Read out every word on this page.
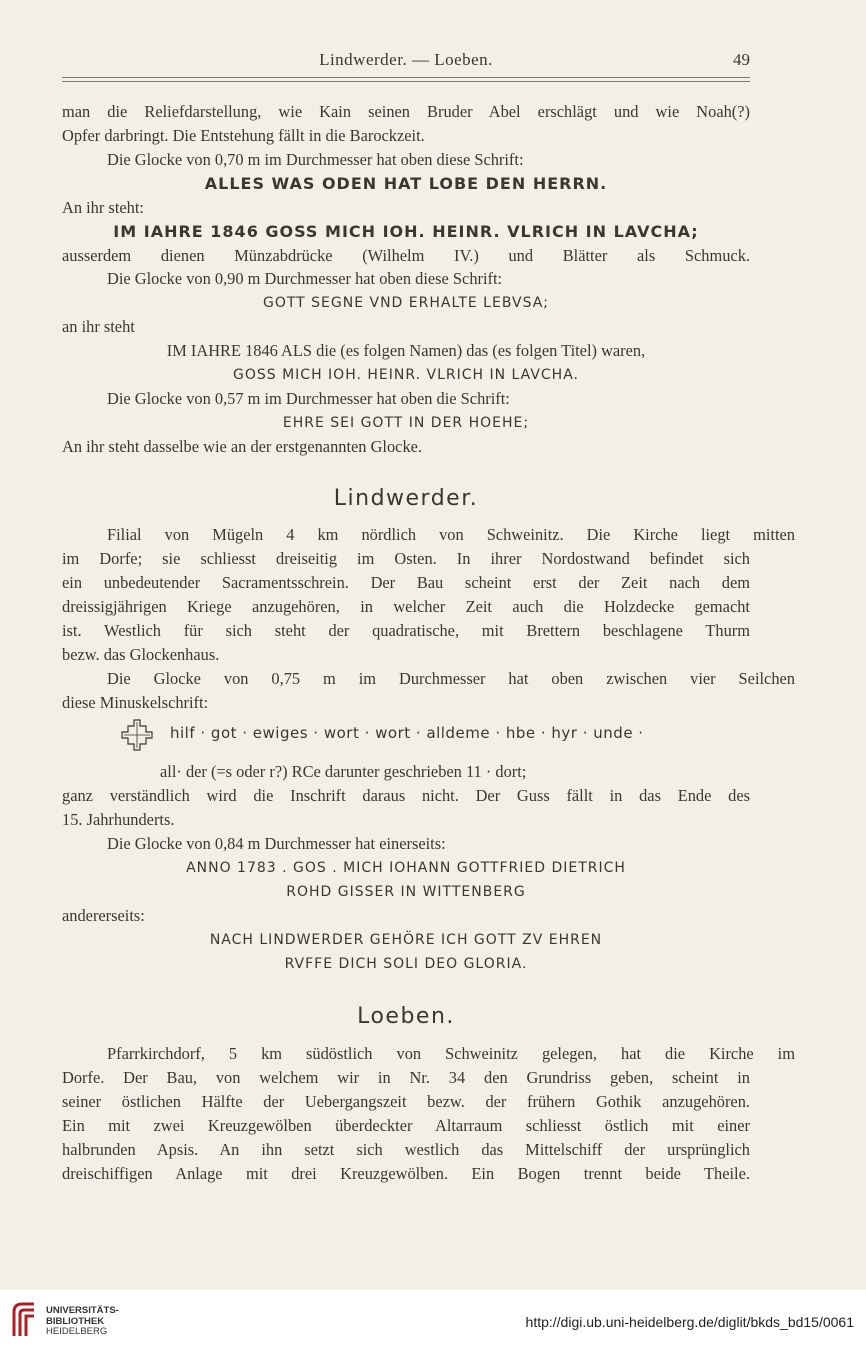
Lindwerder. — Loeben.	49
man die Reliefdarstellung, wie Kain seinen Bruder Abel erschlägt und wie Noah(?)
Opfer darbringt. Die Entstehung fällt in die Barockzeit.
Die Glocke von 0,70 m im Durchmesser hat oben diese Schrift:
ALLES WAS ODEN HAT LOBE DEN HERRN.
An ihr steht:
IM IAHRE 1846 GOSS MICH IOH. HEINR. VLRICH IN LAVCHA;
ausserdem dienen Münzabdrücke (Wilhelm IV.) und Blätter als Schmuck.
Die Glocke von 0,90 m Durchmesser hat oben diese Schrift:
GOTT SEGNE VND ERHALTE LEBVSA;
an ihr steht
IM IAHRE 1846 ALS die (es folgen Namen) das (es folgen Titel) waren,
GOSS MICH IOH. HEINR. VLRICH IN LAVCHA.
Die Glocke von 0,57 m im Durchmesser hat oben die Schrift:
EHRE SEI GOTT IN DER HOEHE;
An ihr steht dasselbe wie an der erstgenannten Glocke.
Lindwerder.
Filial von Mügeln 4 km nördlich von Schweinitz. Die Kirche liegt mitten
im Dorfe; sie schliesst dreiseitig im Osten. In ihrer Nordostwand befindet sich
ein unbedeutender Sacramentsschrein. Der Bau scheint erst der Zeit nach dem
dreissigjährigen Kriege anzugehören, in welcher Zeit auch die Holzdecke gemacht
ist. Westlich für sich steht der quadratische, mit Brettern beschlagene Thurm
bezw. das Glockenhaus.
Die Glocke von 0,75 m im Durchmesser hat oben zwischen vier Seilchen
diese Minuskelschrift:
hilf · got · ewiges · wort · wort · alldeme · hbe · hyr · unde ·
all· der (=s oder r?) RCe darunter geschrieben 11 · dort;
ganz verständlich wird die Inschrift daraus nicht. Der Guss fällt in das Ende des
15. Jahrhunderts.
Die Glocke von 0,84 m Durchmesser hat einerseits:
ANNO 1783 . GOS . MICH IOHANN GOTTFRIED DIETRICH
ROHD GISSER IN WITTENBERG
andererseits:
NACH LINDWERDER GEHÖRE ICH GOTT ZV EHREN
RVFFE DICH SOLI DEO GLORIA.
Loeben.
Pfarrkirchdorf, 5 km südöstlich von Schweinitz gelegen, hat die Kirche im
Dorfe. Der Bau, von welchem wir in Nr. 34 den Grundriss geben, scheint in
seiner östlichen Hälfte der Uebergangszeit bezw. der frühern Gothik anzugehören.
Ein mit zwei Kreuzgewölben überdeckter Altarraum schliesst östlich mit einer
halbrunden Apsis. An ihn setzt sich westlich das Mittelschiff der ursprünglich
dreischiffigen Anlage mit drei Kreuzgewölben. Ein Bogen trennt beide Theile.
UNIVERSITÄTS-
BIBLIOTHEK
HEIDELBERG
http://digi.ub.uni-heidelberg.de/diglit/bkds_bd15/0061
